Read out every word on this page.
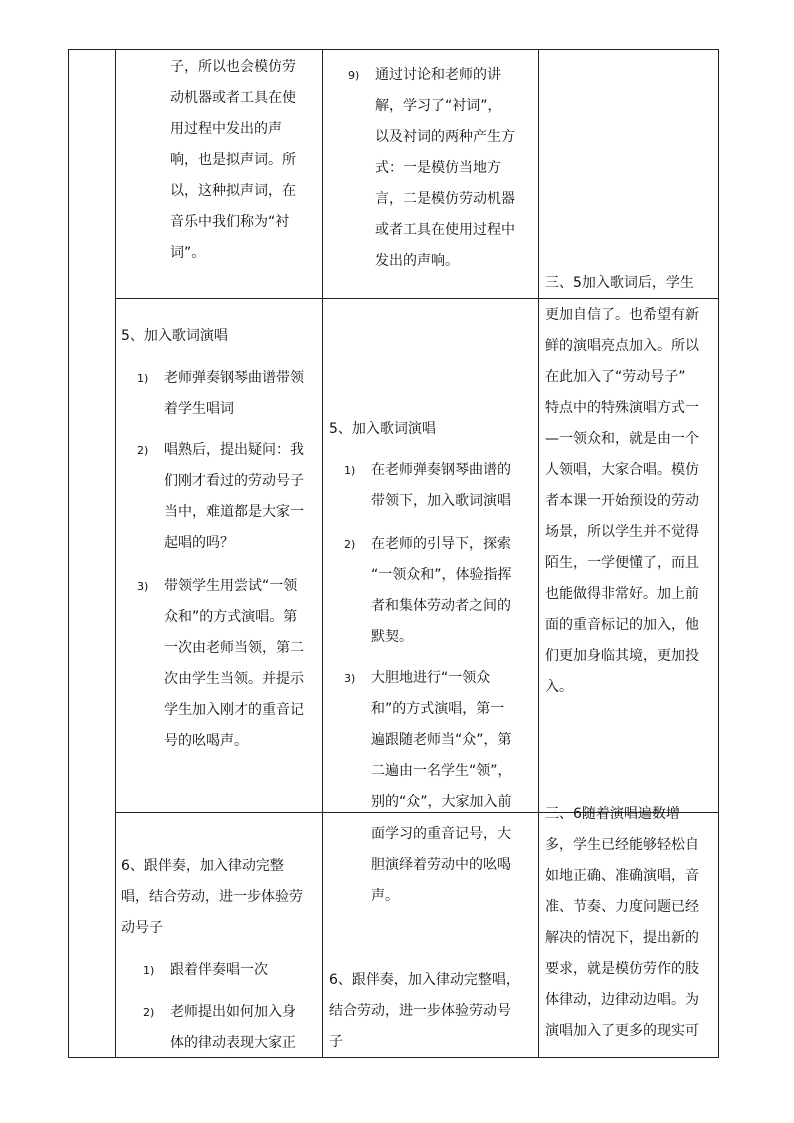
子，所以也会模仿劳
动机器或者工具在使
用过程中发出的声
响，也是拟声词。所
以，这种拟声词，在
音乐中我们称为“衬
词”。
5、加入歌词演唱
1) 老师弹奏钢琴曲谱带领
着学生唱词
2) 唱熟后，提出疑问：我
们刚才看过的劳动号子
当中，难道都是大家一
起唱的吗？
3) 带领学生用尝试“一领
众和”的方式演唱。第
一次由老师当领，第二
次由学生当领。并提示
学生加入刚才的重音记
号的吆喝声。
6、跟伴奏，加入律动完整
唱，结合劳动，进一步体验劳
动号子
1) 跟着伴奏唱一次
2) 老师提出如何加入身
体的律动表现大家正
9) 通过讨论和老师的讲
解，学习了“衬词”，
以及衬词的两种产生方
式：一是模仿当地方
言，二是模仿劳动机器
或者工具在使用过程中
发出的声响。
5、加入歌词演唱
1) 在老师弹奏钢琴曲谱的
带领下，加入歌词演唱
2) 在老师的引导下，探索
“一领众和”，体验指挥
者和集体劳动者之间的
默契。
3) 大胆地进行“一领众
和”的方式演唱，第一
遍跟随老师当“众”，第
二遍由一名学生“领”，
别的“众”，大家加入前
面学习的重音记号，大
胆演绎着劳动中的吆喝
声。
6、跟伴奏，加入律动完整唱，
结合劳动，进一步体验劳动号
子
三、5加入歌词后，学生
更加自信了。也希望有新
鲜的演唱亮点加入。所以
在此加入了“劳动号子”
特点中的特殊演唱方式一
—一领众和，就是由一个
人领唱，大家合唱。模仿
者本课一开始预设的劳动
场景，所以学生并不觉得
陌生，一学便懂了，而且
也能做得非常好。加上前
面的重音标记的加入，他
们更加身临其境，更加投
入。
三、6随着演唱遍数增
多，学生已经能够轻松自
如地正确、准确演唱，音
准、节奏、力度问题已经
解决的情况下，提出新的
要求，就是模仿劳作的肢
体律动，边律动边唱。为
演唱加入了更多的现实可
